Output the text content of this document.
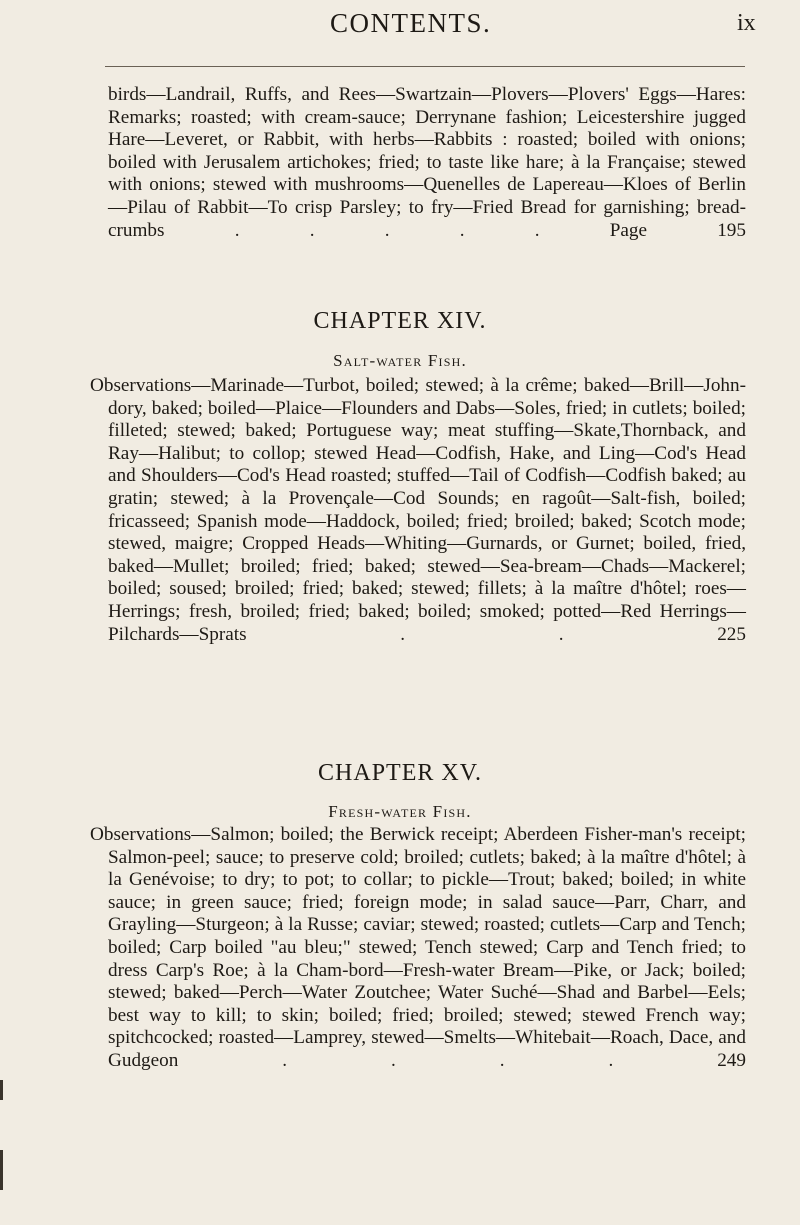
CONTENTS.	ix

birds—Landrail, Ruffs, and Rees—Swartzain—Plovers—Plovers' Eggs—Hares: Remarks; roasted; with cream-sauce; Derrynane fashion; Leicestershire jugged Hare—Leveret, or Rabbit, with herbs—Rabbits : roasted; boiled with onions; boiled with Jerusalem artichokes; fried; to taste like hare; à la Française; stewed with onions; stewed with mushrooms—Quenelles de Lapereau—Kloes of Berlin—Pilau of Rabbit—To crisp Parsley; to fry—Fried Bread for garnishing; bread-crumbs . . . . . Page 195

CHAPTER XIV.
Salt-water Fish.

Observations—Marinade—Turbot, boiled; stewed; à la crême; baked—Brill—John-dory, baked; boiled—Plaice—Flounders and Dabs—Soles, fried; in cutlets; boiled; filleted; stewed; baked; Portuguese way; meat stuffing—Skate,Thornback, and Ray—Halibut; to collop; stewed Head—Codfish, Hake, and Ling—Cod's Head and Shoulders—Cod's Head roasted; stuffed—Tail of Codfish—Codfish baked; au gratin; stewed; à la Provençale—Cod Sounds; en ragoût—Salt-fish, boiled; fricasseed; Spanish mode—Haddock, boiled; fried; broiled; baked; Scotch mode; stewed, maigre; Cropped Heads—Whiting—Gurnards, or Gurnet; boiled, fried, baked—Mullet; broiled; fried; baked; stewed—Sea-bream—Chads—Mackerel; boiled; soused; broiled; fried; baked; stewed; fillets; à la maître d'hôtel; roes—Herrings; fresh, broiled; fried; baked; boiled; smoked; potted—Red Herrings—Pilchards—Sprats . . 225

CHAPTER XV.
Fresh-water Fish.

Observations—Salmon; boiled; the Berwick receipt; Aberdeen Fisher-man's receipt; Salmon-peel; sauce; to preserve cold; broiled; cutlets; baked; à la maître d'hôtel; à la Genévoise; to dry; to pot; to collar; to pickle—Trout; baked; boiled; in white sauce; in green sauce; fried; foreign mode; in salad sauce—Parr, Charr, and Grayling—Sturgeon; à la Russe; caviar; stewed; roasted; cutlets—Carp and Tench; boiled; Carp boiled "au bleu;" stewed; Tench stewed; Carp and Tench fried; to dress Carp's Roe; à la Cham-bord—Fresh-water Bream—Pike, or Jack; boiled; stewed; baked—Perch—Water Zoutchee; Water Suché—Shad and Barbel—Eels; best way to kill; to skin; boiled; fried; broiled; stewed; stewed French way; spitchcocked; roasted—Lamprey, stewed—Smelts—Whitebait—Roach, Dace, and Gudgeon . . . . 249
